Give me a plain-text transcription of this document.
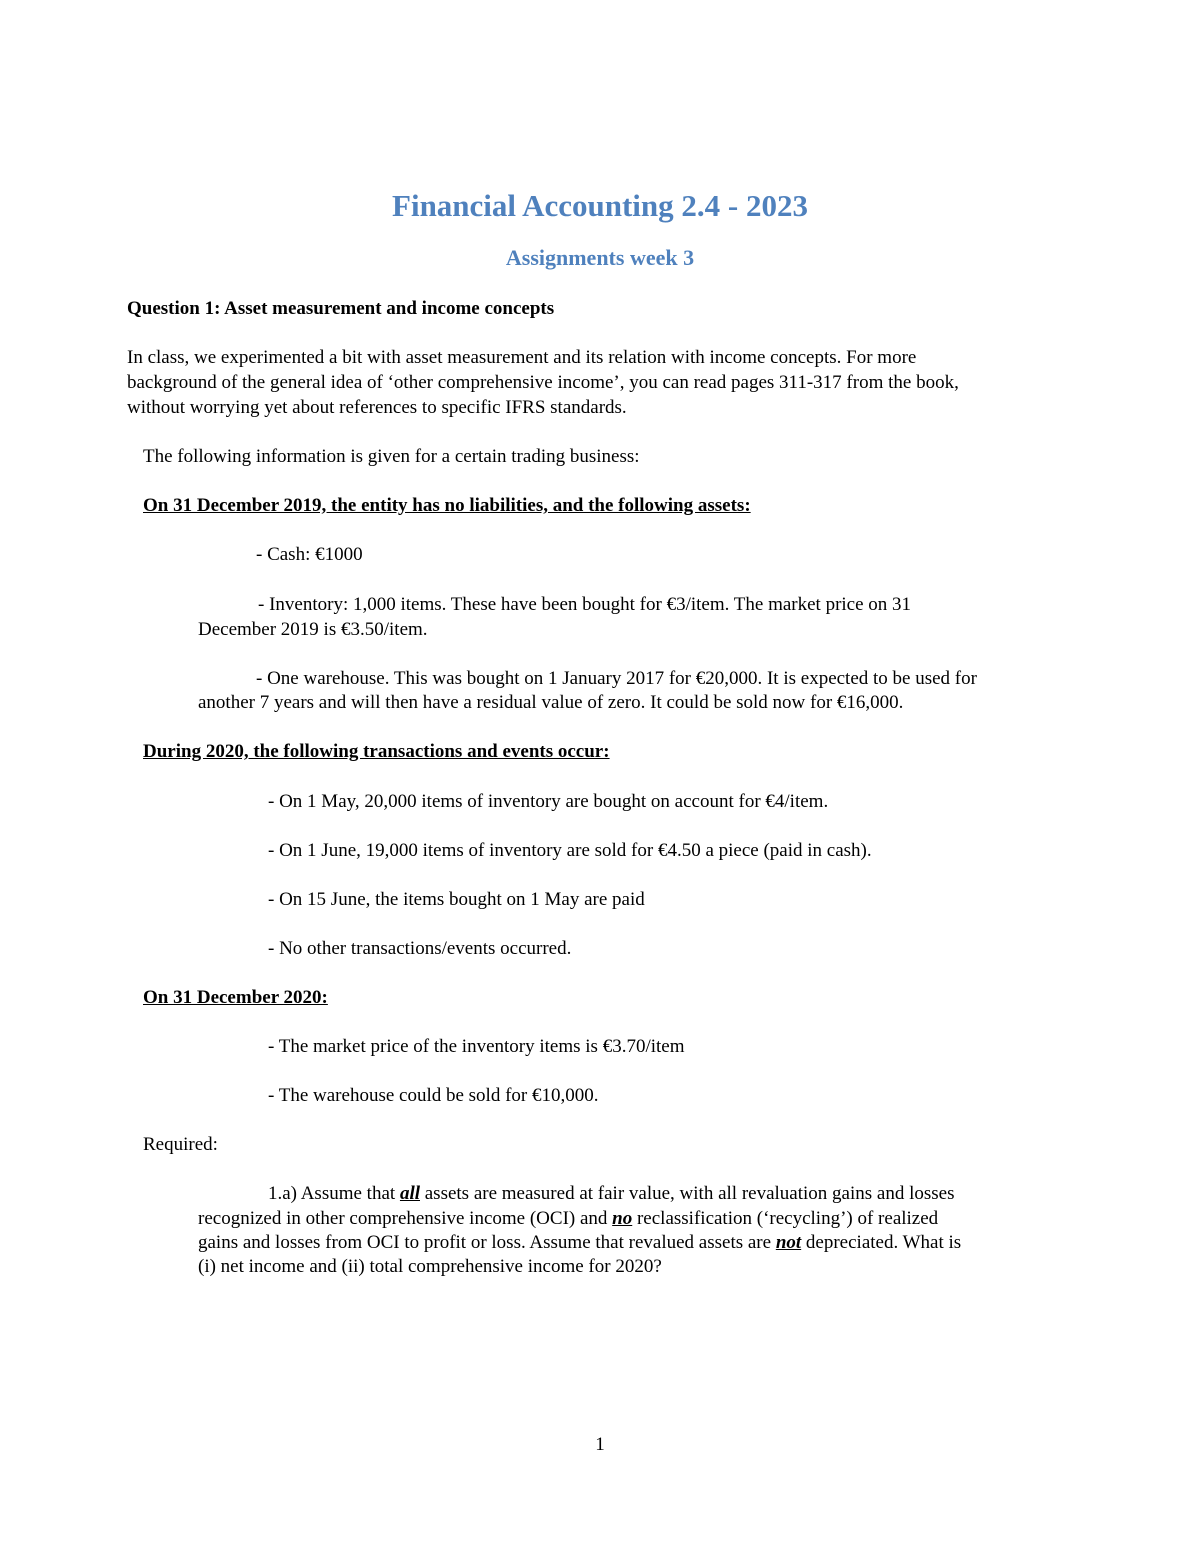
Financial Accounting 2.4 - 2023
Assignments week 3

Question 1: Asset measurement and income concepts

In class, we experimented a bit with asset measurement and its relation with income concepts. For more

background of the general idea of ‘other comprehensive income’, you can read pages 311-317 from the book,

without worrying yet about references to specific IFRS standards.

The following information is given for a certain trading business:

On 31 December 2019, the entity has no liabilities, and the following assets:

- Cash: €1000

- Inventory: 1,000 items. These have been bought for €3/item. The market price on 31

December 2019 is €3.50/item.

- One warehouse. This was bought on 1 January 2017 for €20,000. It is expected to be used for

another 7 years and will then have a residual value of zero. It could be sold now for €16,000.

During 2020, the following transactions and events occur:

- On 1 May, 20,000 items of inventory are bought on account for €4/item.

- On 1 June, 19,000 items of inventory are sold for €4.50 a piece (paid in cash).

- On 15 June, the items bought on 1 May are paid

- No other transactions/events occurred.

On 31 December 2020:

- The market price of the inventory items is €3.70/item

- The warehouse could be sold for €10,000.

Required:

1.a) Assume that all assets are measured at fair value, with all revaluation gains and losses

recognized in other comprehensive income (OCI) and no reclassification (‘recycling’) of realized

gains and losses from OCI to profit or loss. Assume that revalued assets are not depreciated. What is

(i) net income and (ii) total comprehensive income for 2020?

1
